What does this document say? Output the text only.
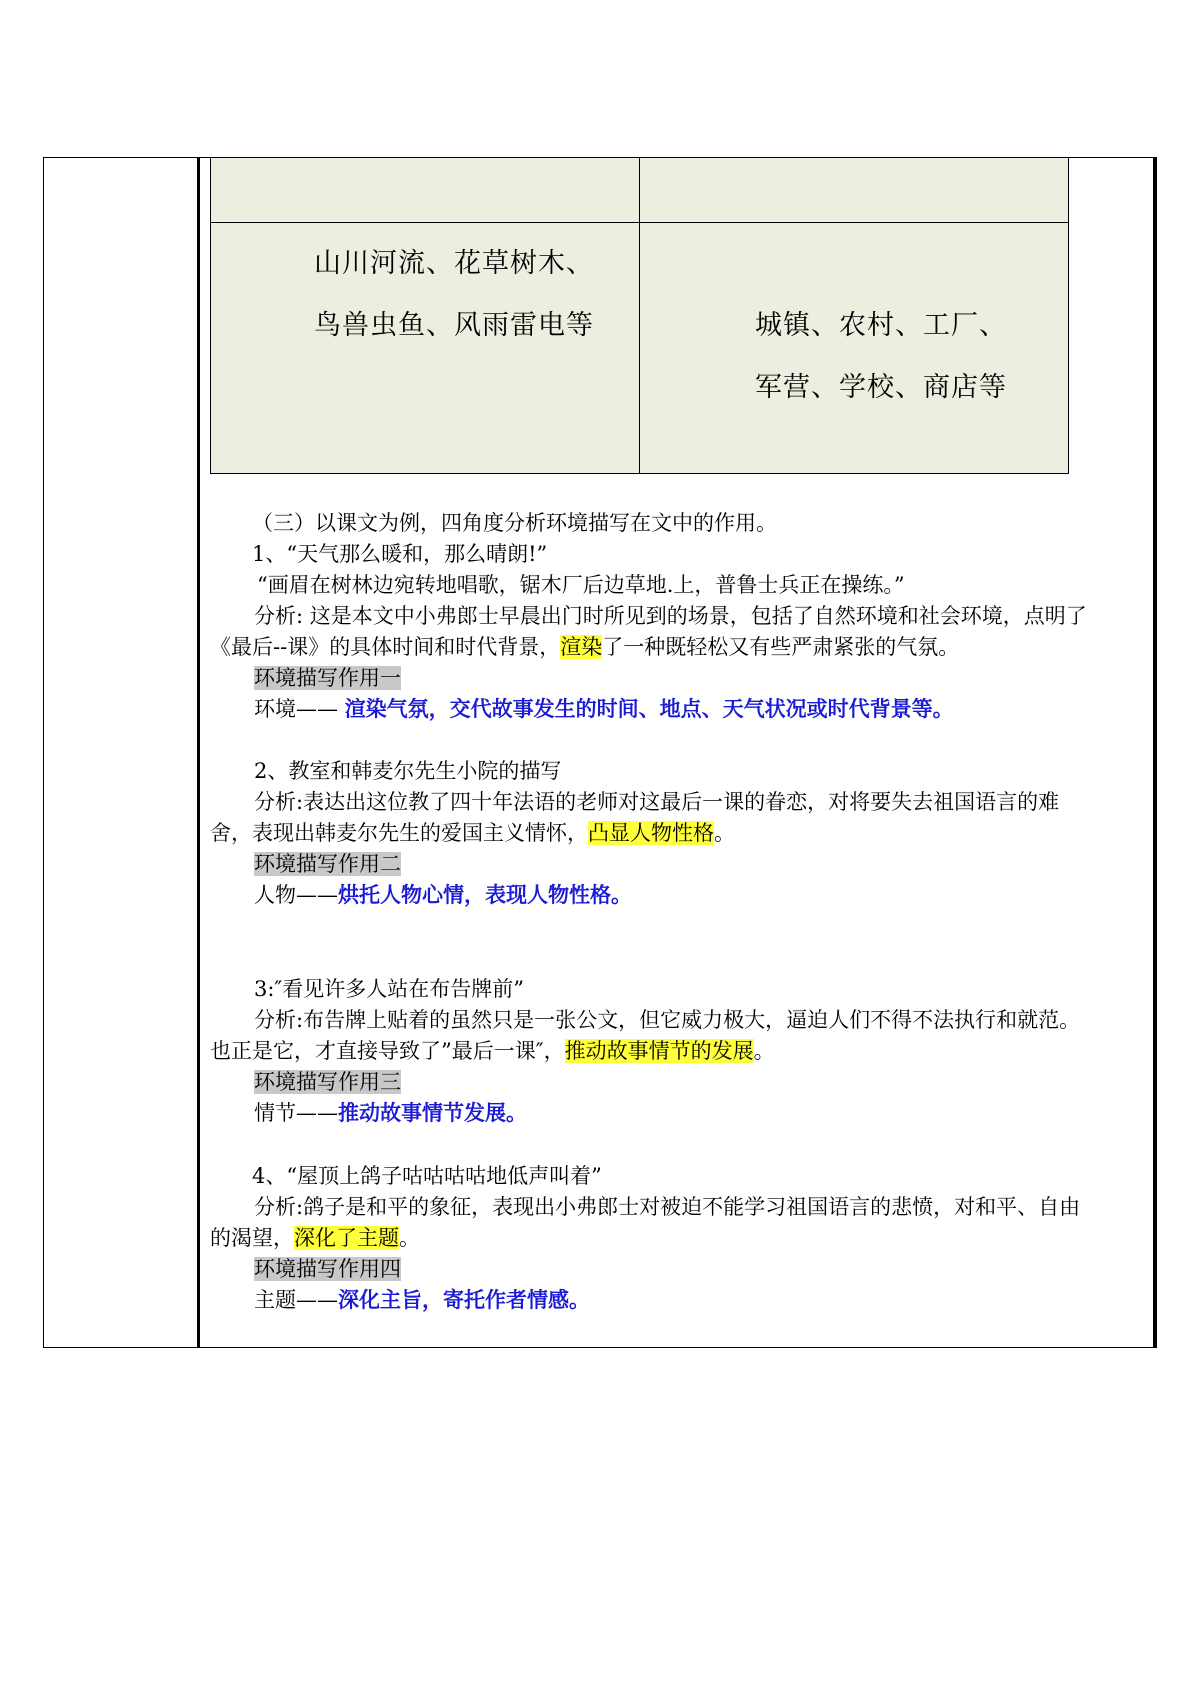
山川河流、花草树木、
鸟兽虫鱼、风雨雷电等	城镇、农村、工厂、
军营、学校、商店等
（三）以课文为例，四角度分析环境描写在文中的作用。
1、“天气那么暖和，那么晴朗!”
“画眉在树林边宛转地唱歌，锯木厂后边草地.上，普鲁士兵正在操练。”
分析: 这是本文中小弗郎士早晨出门时所见到的场景，包括了自然环境和社会环境，点明了
《最后--课》的具体时间和时代背景，渲染了一种既轻松又有些严肃紧张的气氛。
环境描写作用一
环境—— 渲染气氛，交代故事发生的时间、地点、天气状况或时代背景等。
2、教室和韩麦尔先生小院的描写
分析:表达出这位教了四十年法语的老师对这最后一课的眷恋，对将要失去祖国语言的难
舍，表现出韩麦尔先生的爱国主义情怀，凸显人物性格。
环境描写作用二
人物——烘托人物心情，表现人物性格。
3:″看见许多人站在布告牌前”
分析:布告牌上贴着的虽然只是一张公文，但它威力极大，逼迫人们不得不法执行和就范。
也正是它，才直接导致了”最后一课″，推动故事情节的发展。
环境描写作用三
情节——推动故事情节发展。
4、“屋顶上鸽子咕咕咕咕地低声叫着”
分析:鸽子是和平的象征，表现出小弗郎士对被迫不能学习祖国语言的悲愤，对和平、自由
的渴望，深化了主题。
环境描写作用四
主题——深化主旨，寄托作者情感。
